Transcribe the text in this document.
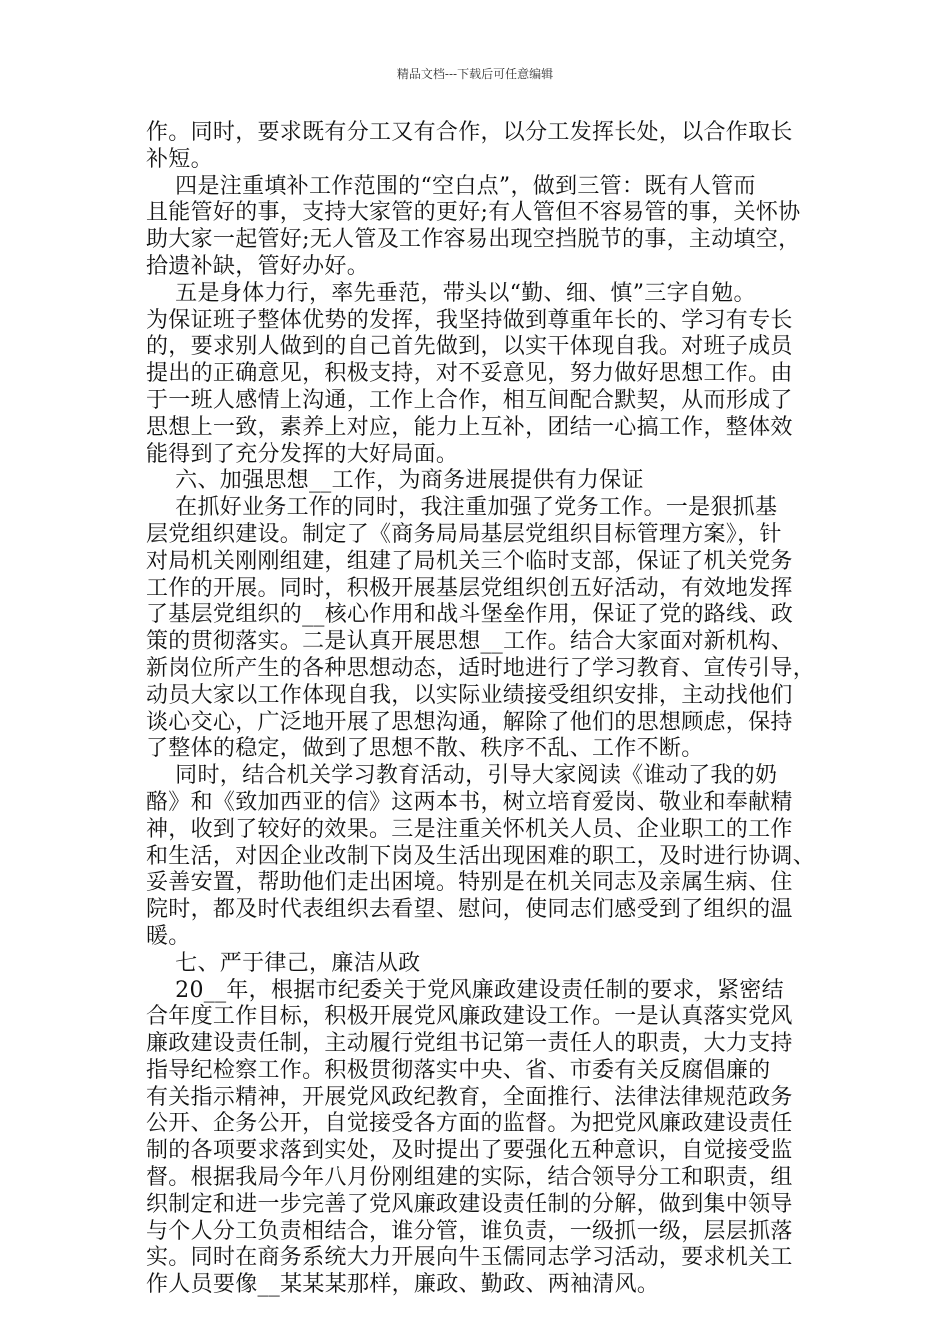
精品文档---下载后可任意编辑
作。同时，要求既有分工又有合作，以分工发挥长处，以合作取长
补短。
四是注重填补工作范围的“空白点”，做到三管：既有人管而
且能管好的事，支持大家管的更好;有人管但不容易管的事，关怀协
助大家一起管好;无人管及工作容易出现空挡脱节的事，主动填空，
拾遗补缺，管好办好。
五是身体力行，率先垂范，带头以“勤、细、慎”三字自勉。
为保证班子整体优势的发挥，我坚持做到尊重年长的、学习有专长
的，要求别人做到的自己首先做到，以实干体现自我。对班子成员
提出的正确意见，积极支持，对不妥意见，努力做好思想工作。由
于一班人感情上沟通，工作上合作，相互间配合默契，从而形成了
思想上一致，素养上对应，能力上互补，团结一心搞工作，整体效
能得到了充分发挥的大好局面。
六、加强思想__工作，为商务进展提供有力保证
在抓好业务工作的同时，我注重加强了党务工作。一是狠抓基
层党组织建设。制定了《商务局局基层党组织目标管理方案》，针
对局机关刚刚组建，组建了局机关三个临时支部，保证了机关党务
工作的开展。同时，积极开展基层党组织创五好活动，有效地发挥
了基层党组织的__核心作用和战斗堡垒作用，保证了党的路线、政
策的贯彻落实。二是认真开展思想__工作。结合大家面对新机构、
新岗位所产生的各种思想动态，适时地进行了学习教育、宣传引导，
动员大家以工作体现自我，以实际业绩接受组织安排，主动找他们
谈心交心，广泛地开展了思想沟通，解除了他们的思想顾虑，保持
了整体的稳定，做到了思想不散、秩序不乱、工作不断。
同时，结合机关学习教育活动，引导大家阅读《谁动了我的奶
酪》和《致加西亚的信》这两本书，树立培育爱岗、敬业和奉献精
神，收到了较好的效果。三是注重关怀机关人员、企业职工的工作
和生活，对因企业改制下岗及生活出现困难的职工，及时进行协调、
妥善安置，帮助他们走出困境。特别是在机关同志及亲属生病、住
院时，都及时代表组织去看望、慰问，使同志们感受到了组织的温
暖。
七、严于律己，廉洁从政
20__年，根据市纪委关于党风廉政建设责任制的要求，紧密结
合年度工作目标，积极开展党风廉政建设工作。一是认真落实党风
廉政建设责任制，主动履行党组书记第一责任人的职责，大力支持
指导纪检察工作。积极贯彻落实中央、省、市委有关反腐倡廉的
有关指示精神，开展党风政纪教育，全面推行、法律法律规范政务
公开、企务公开，自觉接受各方面的监督。为把党风廉政建设责任
制的各项要求落到实处，及时提出了要强化五种意识，自觉接受监
督。根据我局今年八月份刚组建的实际，结合领导分工和职责，组
织制定和进一步完善了党风廉政建设责任制的分解，做到集中领导
与个人分工负责相结合，谁分管，谁负责，一级抓一级，层层抓落
实。同时在商务系统大力开展向牛玉儒同志学习活动，要求机关工
作人员要像__某某某那样，廉政、勤政、两袖清风。
